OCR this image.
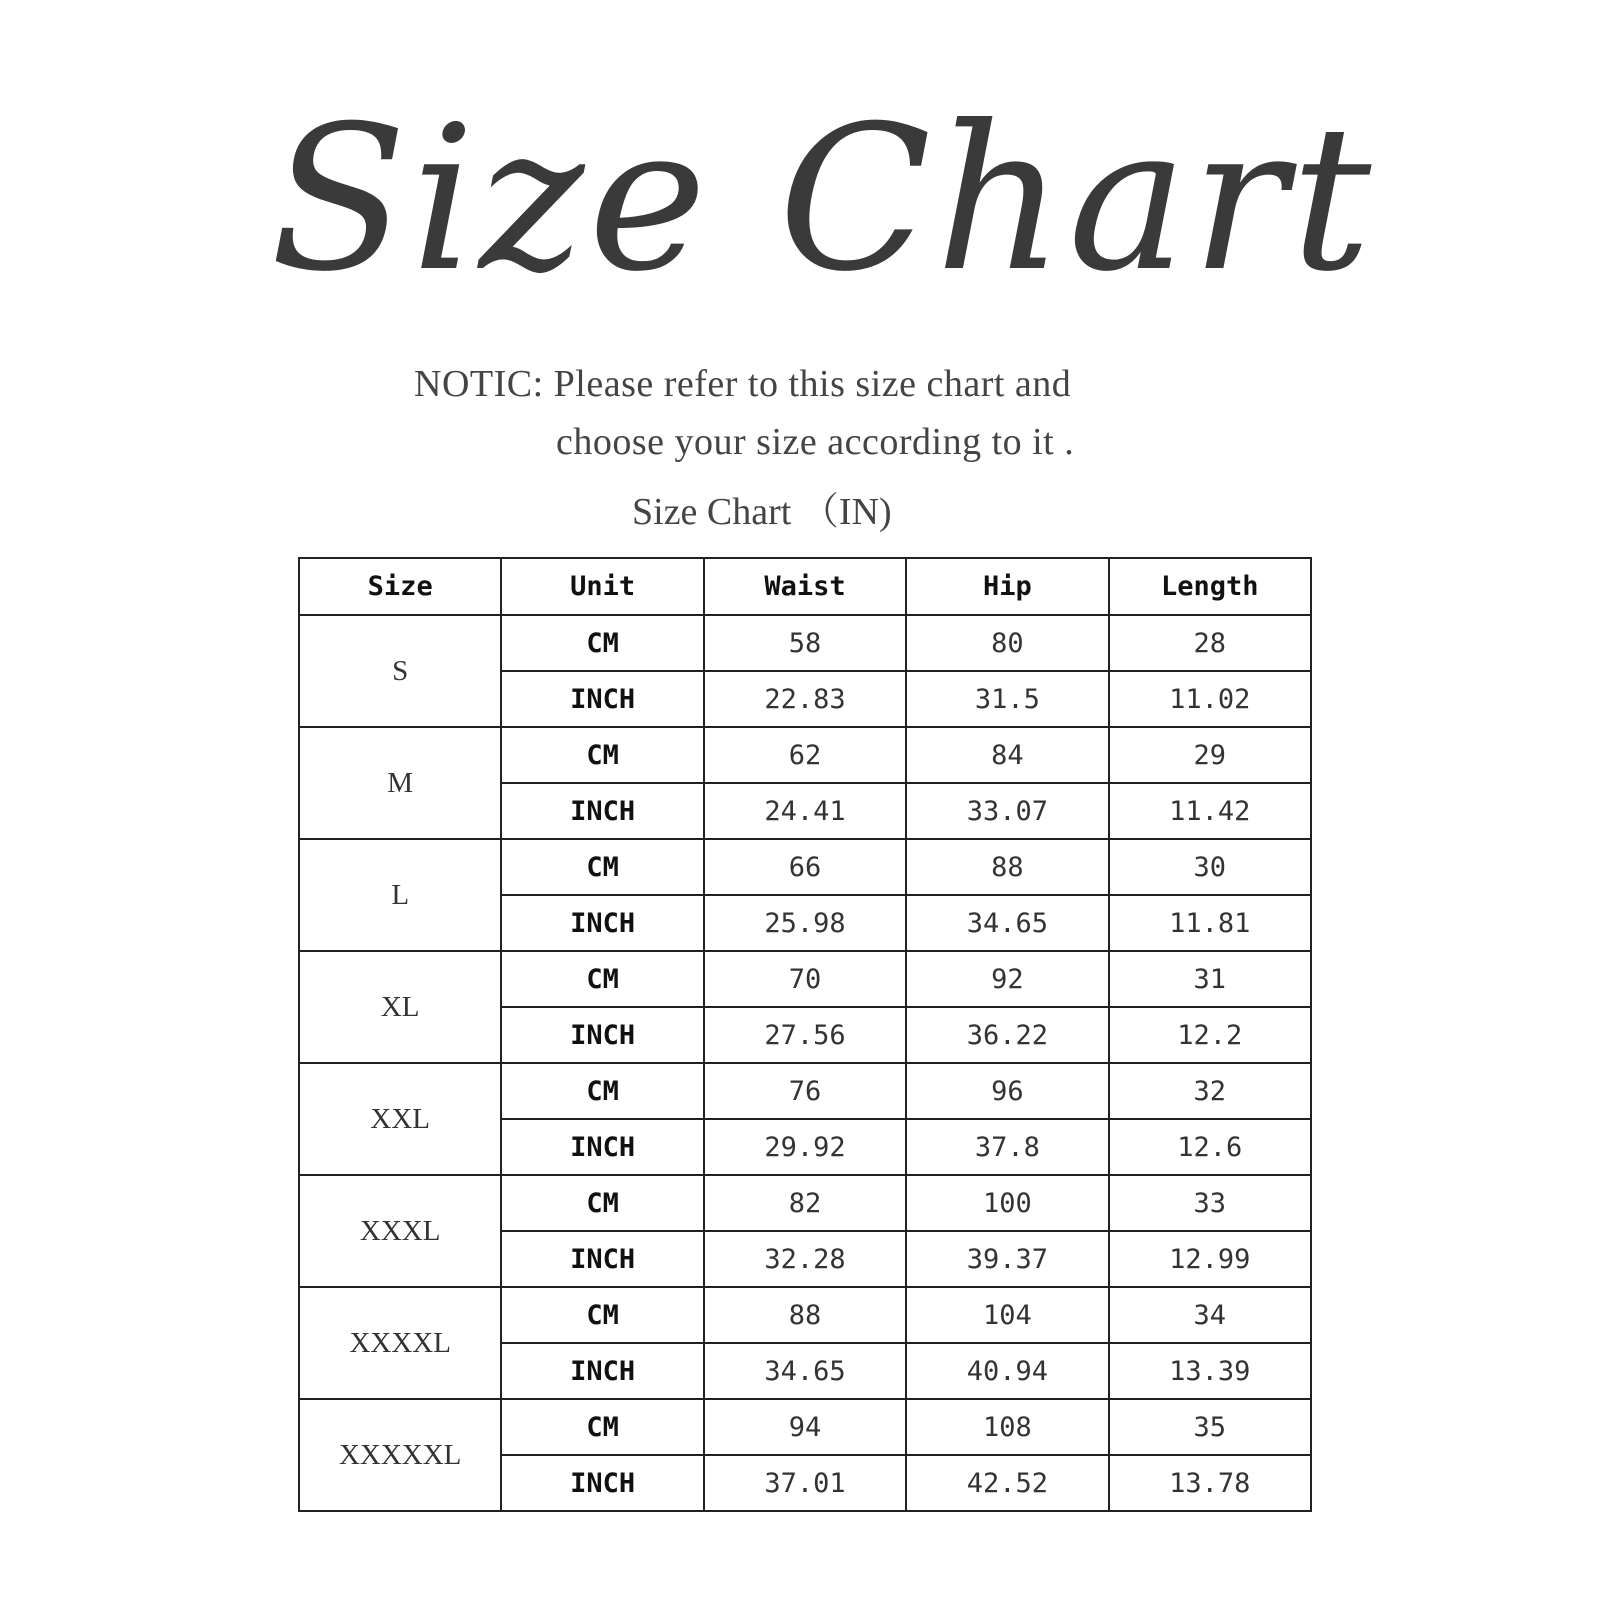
Size Chart
NOTIC: Please refer to this size chart and
choose your size according to it .
Size Chart （IN)
Size	Unit	Waist	Hip	Length
S	CM	58	80	28
	INCH	22.83	31.5	11.02
M	CM	62	84	29
	INCH	24.41	33.07	11.42
L	CM	66	88	30
	INCH	25.98	34.65	11.81
XL	CM	70	92	31
	INCH	27.56	36.22	12.2
XXL	CM	76	96	32
	INCH	29.92	37.8	12.6
XXXL	CM	82	100	33
	INCH	32.28	39.37	12.99
XXXXL	CM	88	104	34
	INCH	34.65	40.94	13.39
XXXXXL	CM	94	108	35
	INCH	37.01	42.52	13.78
